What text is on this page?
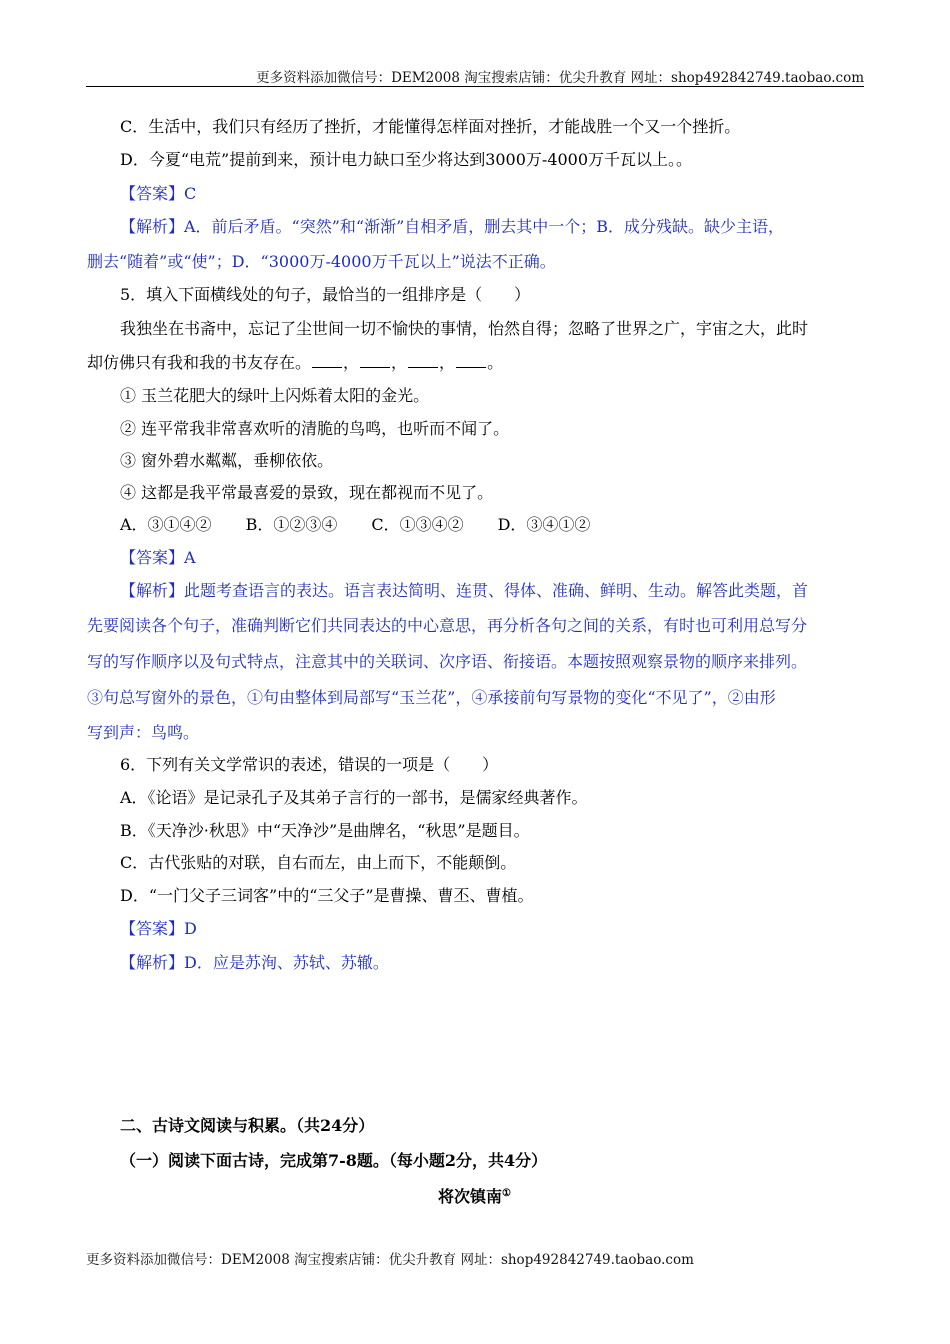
更多资料添加微信号：DEM2008 淘宝搜索店铺：优尖升教育 网址：shop492842749.taobao.com
C．生活中，我们只有经历了挫折，才能懂得怎样面对挫折，才能战胜一个又一个挫折。
D．今夏“电荒”提前到来，预计电力缺口至少将达到3000万-4000万千瓦以上。。
【答案】C
【解析】A．前后矛盾。“突然”和“渐渐”自相矛盾，删去其中一个；B．成分残缺。缺少主语，
删去“随着”或“使”；D．“3000万-4000万千瓦以上”说法不正确。
5．填入下面横线处的句子，最恰当的一组排序是（　　）
我独坐在书斋中，忘记了尘世间一切不愉快的事情，怡然自得；忽略了世界之广，宇宙之大，此时
却仿佛只有我和我的书友存在。 ， ， ， 。
① 玉兰花肥大的绿叶上闪烁着太阳的金光。
② 连平常我非常喜欢听的清脆的鸟鸣，也听而不闻了。
③ 窗外碧水粼粼，垂柳依依。
④ 这都是我平常最喜爱的景致，现在都视而不见了。
A．③①④② B．①②③④ C．①③④② D．③④①②
【答案】A
【解析】此题考查语言的表达。语言表达简明、连贯、得体、准确、鲜明、生动。解答此类题，首
先要阅读各个句子，准确判断它们共同表达的中心意思，再分析各句之间的关系，有时也可利用总写分
写的写作顺序以及句式特点，注意其中的关联词、次序语、衔接语。本题按照观察景物的顺序来排列。
③句总写窗外的景色，①句由整体到局部写“玉兰花”，④承接前句写景物的变化“不见了”，②由形
写到声：鸟鸣。
6．下列有关文学常识的表述，错误的一项是（　　）
A．《论语》是记录孔子及其弟子言行的一部书，是儒家经典著作。
B．《天净沙·秋思》中“天净沙”是曲牌名，“秋思”是题目。
C．古代张贴的对联，自右而左，由上而下，不能颠倒。
D．“一门父子三词客”中的“三父子”是曹操、曹丕、曹植。
【答案】D
【解析】D．应是苏洵、苏轼、苏辙。
二、古诗文阅读与积累。（共24分）
（一）阅读下面古诗，完成第7-8题。（每小题2分，共4分）
将次镇南①
更多资料添加微信号：DEM2008 淘宝搜索店铺：优尖升教育 网址：shop492842749.taobao.com
